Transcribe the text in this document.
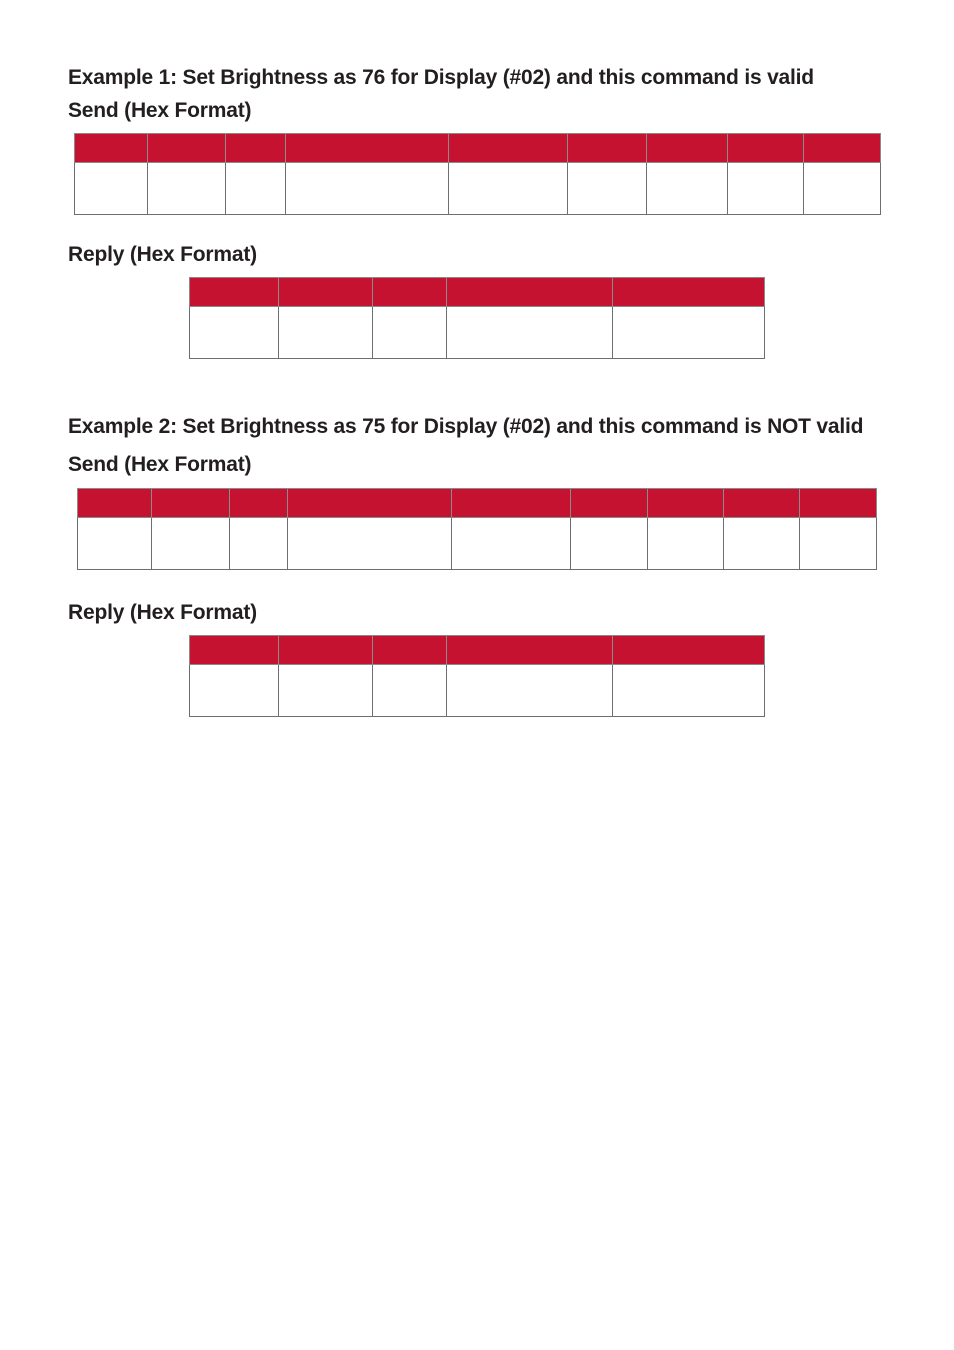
Example 1: Set Brightness as 76 for Display (#02) and this command is valid
Send (Hex Format)

Reply (Hex Format)

Example 2: Set Brightness as 75 for Display (#02) and this command is NOT valid
Send (Hex Format)

Reply (Hex Format)
